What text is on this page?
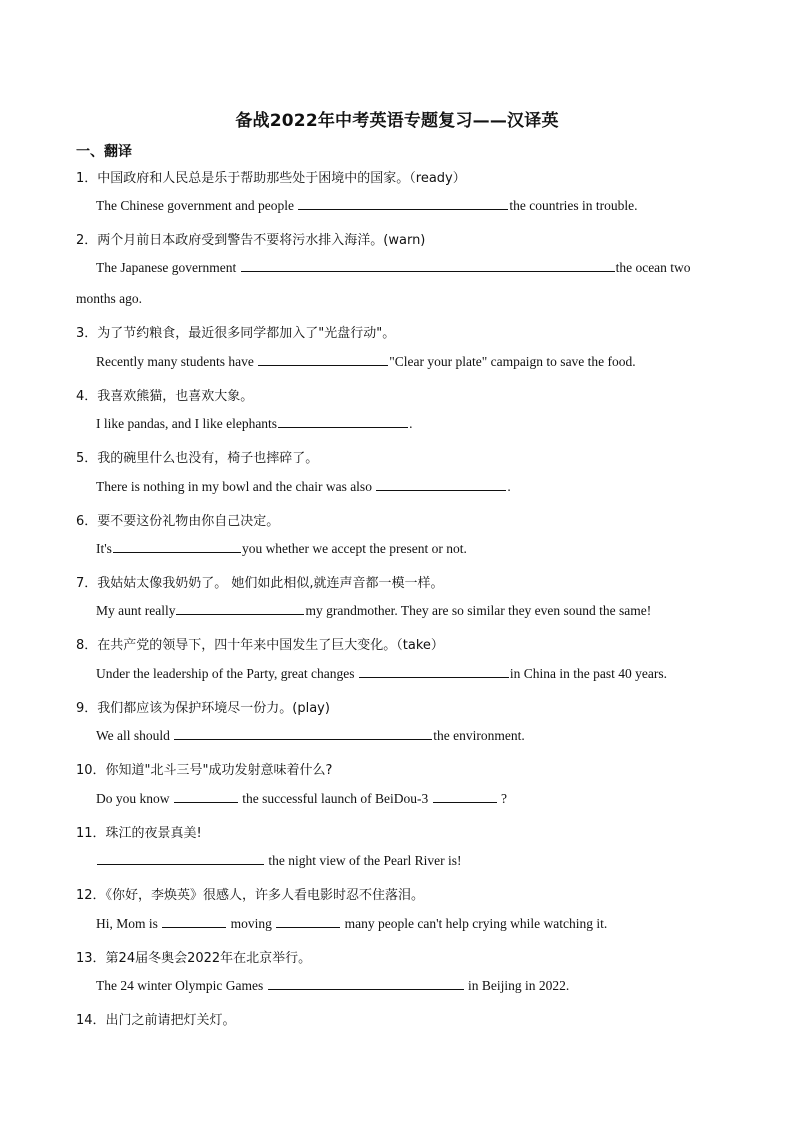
备战2022年中考英语专题复习——汉译英
一、翻译
1．中国政府和人民总是乐于帮助那些处于困境中的国家。（ready）
The Chinese government and people	the countries in trouble.
2．两个月前日本政府受到警告不要将污水排入海洋。(warn)
The Japanese government	the ocean two
months ago.
3．为了节约粮食，最近很多同学都加入了"光盘行动"。
Recently many students have	"Clear your plate" campaign to save the food.
4．我喜欢熊猫，也喜欢大象。
I like pandas, and I like elephants	.
5．我的碗里什么也没有，椅子也摔碎了。
There is nothing in my bowl and the chair was also	.
6．要不要这份礼物由你自己决定。
It's	you whether we accept the present or not.
7．我姑姑太像我奶奶了。 她们如此相似,就连声音都一模一样。
My aunt really	my grandmother. They are so similar they even sound the same!
8．在共产党的领导下，四十年来中国发生了巨大变化。（take）
Under the leadership of the Party, great changes	in China in the past 40 years.
9．我们都应该为保护环境尽一份力。(play)
We all should	the environment.
10．你知道"北斗三号"成功发射意味着什么?
Do you know	the successful launch of BeiDou-3	?
11．珠江的夜景真美!
the night view of the Pearl River is!
12．《你好，李焕英》很感人，许多人看电影时忍不住落泪。
Hi, Mom is	moving	many people can't help crying while watching it.
13．第24届冬奥会2022年在北京举行。
The 24 winter Olympic Games	in Beijing in 2022.
14．出门之前请把灯关灯。
